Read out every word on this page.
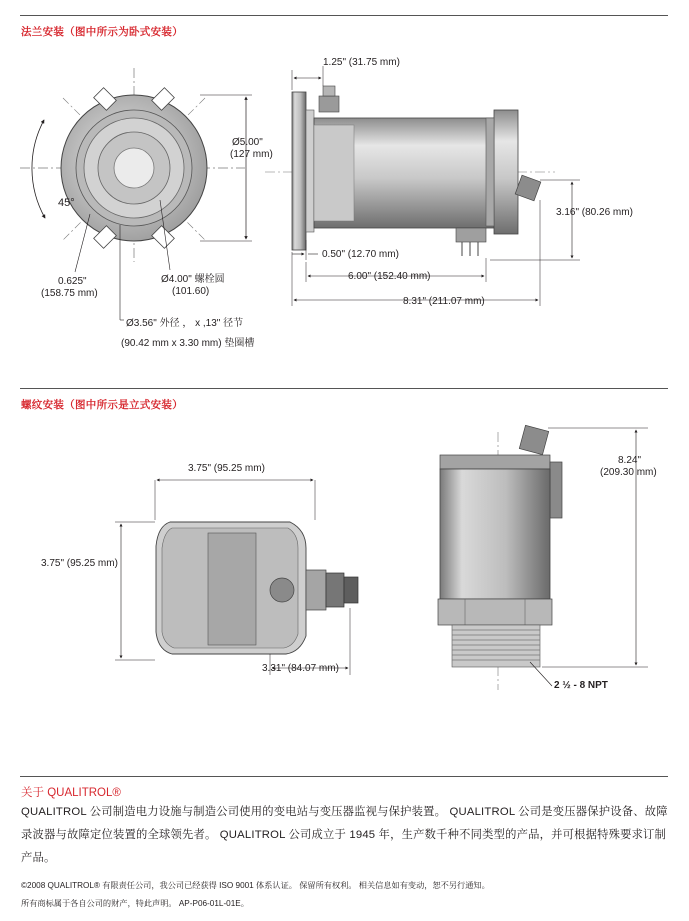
法兰安装（图中所示为卧式安装）
45°
1.25" (31.75 mm)
Ø5.00"
(127 mm)
3.16" (80.26 mm)
0.50" (12.70 mm)
6.00" (152.40 mm)
8.31" (211.07 mm)
0.625"
(158.75 mm)
Ø4.00" 螺栓圆
(101.60)
Ø3.56" 外径 ， x ,13" 径节
(90.42 mm x 3.30 mm) 垫圈槽
螺纹安装（图中所示是立式安装）
3.75" (95.25 mm)
3.75" (95.25 mm)
3.31" (84.07 mm)
8.24"
(209.30 mm)
2 ½ - 8 NPT
关于 QUALITROL®
QUALITROL 公司制造电力设施与制造公司使用的变电站与变压器监视与保护装置。 QUALITROL 公司是变压器保护设备、故障录波器与故障定位装置的全球领先者。 QUALITROL 公司成立于 1945 年，生产数千种不同类型的产品，并可根据特殊要求订制产品。
©2008 QUALITROL® 有限责任公司，我公司已经获得 ISO 9001 体系认证。 保留所有权利。 相关信息如有变动，恕不另行通知。
所有商标属于各自公司的财产，特此声明。 AP-P06-01L-01E。
